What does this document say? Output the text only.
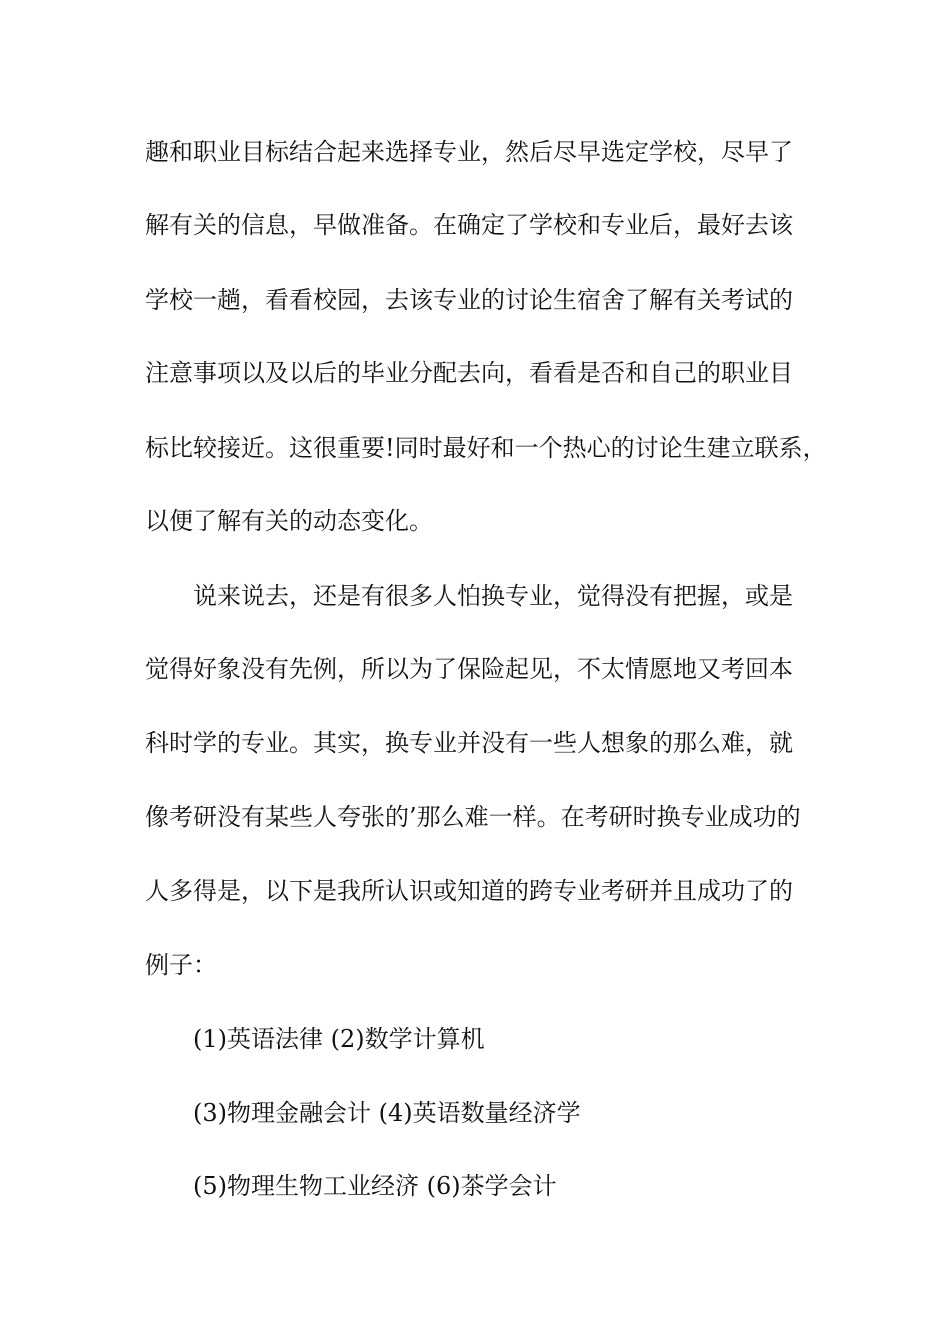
趣和职业目标结合起来选择专业，然后尽早选定学校，尽早了

解有关的信息，早做准备。在确定了学校和专业后，最好去该

学校一趟，看看校园，去该专业的讨论生宿舍了解有关考试的

注意事项以及以后的毕业分配去向，看看是否和自己的职业目

标比较接近。这很重要!同时最好和一个热心的讨论生建立联系，

以便了解有关的动态变化。

说来说去，还是有很多人怕换专业，觉得没有把握，或是

觉得好象没有先例，所以为了保险起见，不太情愿地又考回本

科时学的专业。其实，换专业并没有一些人想象的那么难，就

像考研没有某些人夸张的’那么难一样。在考研时换专业成功的

人多得是，以下是我所认识或知道的跨专业考研并且成功了的

例子：

(1)英语法律 (2)数学计算机

(3)物理金融会计 (4)英语数量经济学

(5)物理生物工业经济 (6)茶学会计
